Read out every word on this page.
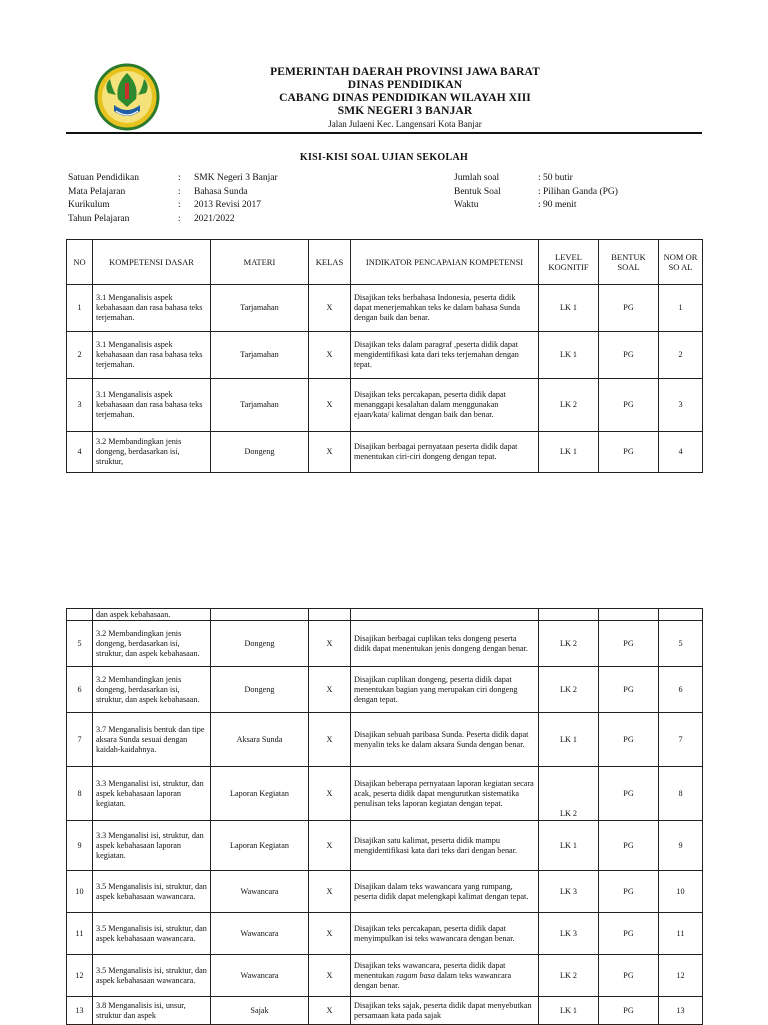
PEMERINTAH DAERAH PROVINSI JAWA BARAT
DINAS PENDIDIKAN
CABANG DINAS PENDIDIKAN WILAYAH XIII
SMK NEGERI 3 BANJAR
Jalan Julaeni Kec. Langensari Kota Banjar
KISI-KISI SOAL UJIAN SEKOLAH
Satuan Pendidikan	:	SMK Negeri 3 Banjar
Mata Pelajaran	:	Bahasa Sunda
Kurikulum	:	2013 Revisi 2017
Tahun Pelajaran	:	2021/2022
Jumlah soal	: 50 butir
Bentuk Soal	: Pilihan Ganda (PG)
Waktu	: 90 menit
NO	KOMPETENSI DASAR	MATERI	KELAS	INDIKATOR PENCAPAIAN KOMPETENSI	LEVEL KOGNITIF	BENTUK SOAL	NOM OR SO AL
1	3.1 Menganalisis aspek kebahasaan dan rasa bahasa teks terjemahan.	Tarjamahan	X	Disajikan teks berbahasa Indonesia, peserta didik dapat menerjemahkan teks ke dalam bahasa Sunda dengan baik dan benar.	LK 1	PG	1
2	3.1 Menganalisis aspek kebahasaan dan rasa bahasa teks terjemahan.	Tarjamahan	X	Disajikan teks dalam paragraf ,peserta didik dapat mengidentifikasi kata dari teks terjemahan dengan tepat.	LK 1	PG	2
3	3.1 Menganalisis aspek kebahasaan dan rasa bahasa teks terjemahan.	Tarjamahan	X	Disajikan teks percakapan, peserta didik dapat menanggapi kesalahan dalam menggunakan ejaan/kata/ kalimat dengan baik dan benar.	LK 2	PG	3
4	3.2 Membandingkan jenis dongeng, berdasarkan isi, struktur,	Dongeng	X	Disajikan berbagai pernyataan peserta didik dapat menentukan ciri-ciri dongeng dengan tepat.	LK 1	PG	4
	dan aspek kebahasaan.						
5	3.2 Membandingkan jenis dongeng, berdasarkan isi, struktur, dan aspek kebahasaan.	Dongeng	X	Disajikan berbagai cuplikan teks dongeng peserta didik dapat menentukan jenis dongeng dengan benar.	LK 2	PG	5
6	3.2 Membandingkan jenis dongeng, berdasarkan isi, struktur, dan aspek kebahasaan.	Dongeng	X	Disajikan cuplikan dongeng, peserta didik dapat menentukan bagian yang merupakan ciri dongeng dengan tepat.	LK 2	PG	6
7	3.7 Menganalisis bentuk dan tipe aksara Sunda sesuai dengan kaidah-kaidahnya.	Aksara Sunda	X	Disajikan sebuah paribasa Sunda. Peserta didik dapat menyalin teks ke dalam aksara Sunda dengan benar.	LK 1	PG	7
8	3.3 Menganalisi isi, struktur, dan aspek kebahasaan laporan kegiatan.	Laporan Kegiatan	X	Disajikan beberapa pernyataan laporan kegiatan secara acak, peserta didik dapat mengurutkan sistematika penulisan teks laporan kegiatan dengan tepat.	LK 2	PG	8
9	3.3 Menganalisi isi, struktur, dan aspek kebahasaan laporan kegiatan.	Laporan Kegiatan	X	Disajikan satu kalimat, peserta didik mampu mengidentifikasi kata dari teks dari dengan benar.	LK 1	PG	9
10	3.5 Menganalisis isi, struktur, dan aspek kebahasaan wawancara.	Wawancara	X	Disajikan dalam teks wawancara yang rumpang, peserta didik dapat melengkapi kalimat dengan tepat.	LK 3	PG	10
11	3.5 Menganalisis isi, struktur, dan aspek kebahasaan wawancara.	Wawancara	X	Disajikan teks percakapan, peserta didik dapat menyimpulkan isi teks wawancara dengan benar.	LK 3	PG	11
12	3.5 Menganalisis isi, struktur, dan aspek kebahasaan wawancara.	Wawancara	X	Disajikan teks wawancara, peserta didik dapat menentukan ragam basa dalam teks wawancara dengan benar.	LK 2	PG	12
13	3.8 Menganalisis isi, unsur, struktur dan aspek	Sajak	X	Disajikan teks sajak, peserta didik dapat menyebutkan persamaan kata pada sajak	LK 1	PG	13
